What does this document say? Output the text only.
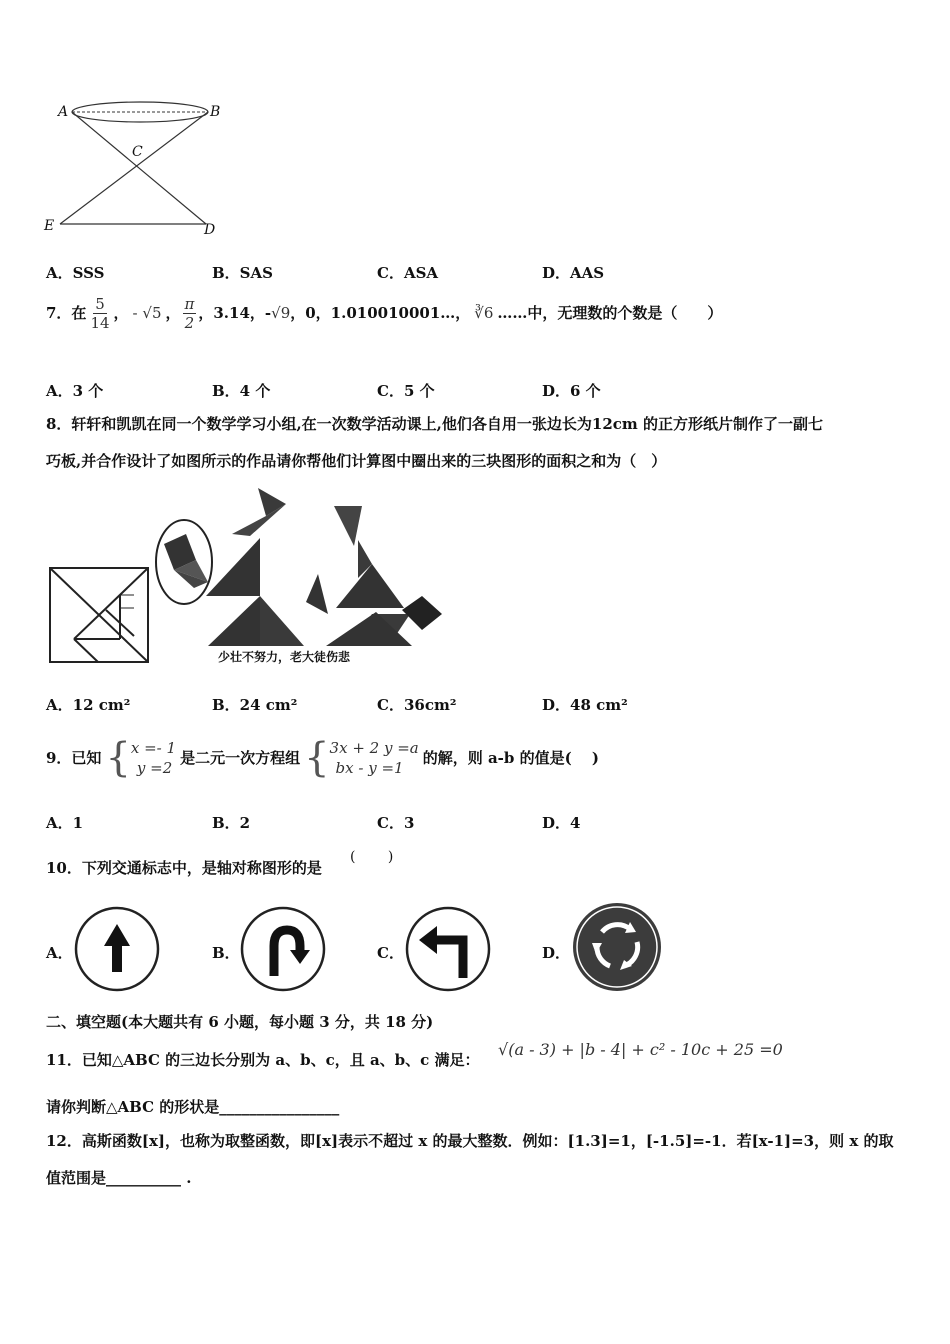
A	B
C
E	D
A．SSS	B．SAS	C．ASA	D．AAS
7．在 $\frac{5}{14}$ ， - √5 ， $\frac{\pi}{2}$ ，3.14，- √9 ，0，1.010010001…， ∛6 ……中，无理数的个数是（　　）
A．3 个	B．4 个	C．5 个	D．6 个
8．轩轩和凯凯在同一个数学学习小组,在一次数学活动课上,他们各自用一张边长为12cm 的正方形纸片制作了一副七
巧板,并合作设计了如图所示的作品请你帮他们计算图中圈出来的三块图形的面积之和为（　）
少壮不努力，老大徒伤悲
A．12 cm²	B．24 cm²	C．36cm²	D．48 cm²
9．已知 { x =- 1
y =2
是二元一次方程组 { 3x + 2 y =a
bx - y =1
的解，则 a-b 的值是(　 )
A．1	B．2	C．3	D．4
10．下列交通标志中，是轴对称图形的是
(　　 )
A．	B．	C．	D．
二、填空题(本大题共有 6 小题，每小题 3 分，共 18 分)
11．已知△ABC 的三边长分别为 a、b、c，且 a、b、c 满足：
√(a - 3) + |b - 4| + c² - 10c + 25 =0
请你判断△ABC 的形状是________________
12．高斯函数[x]，也称为取整函数，即[x]表示不超过 x 的最大整数．例如：[1.3]=1，[-1.5]=-1．若[x-1]=3，则 x 的取
值范围是__________ .
